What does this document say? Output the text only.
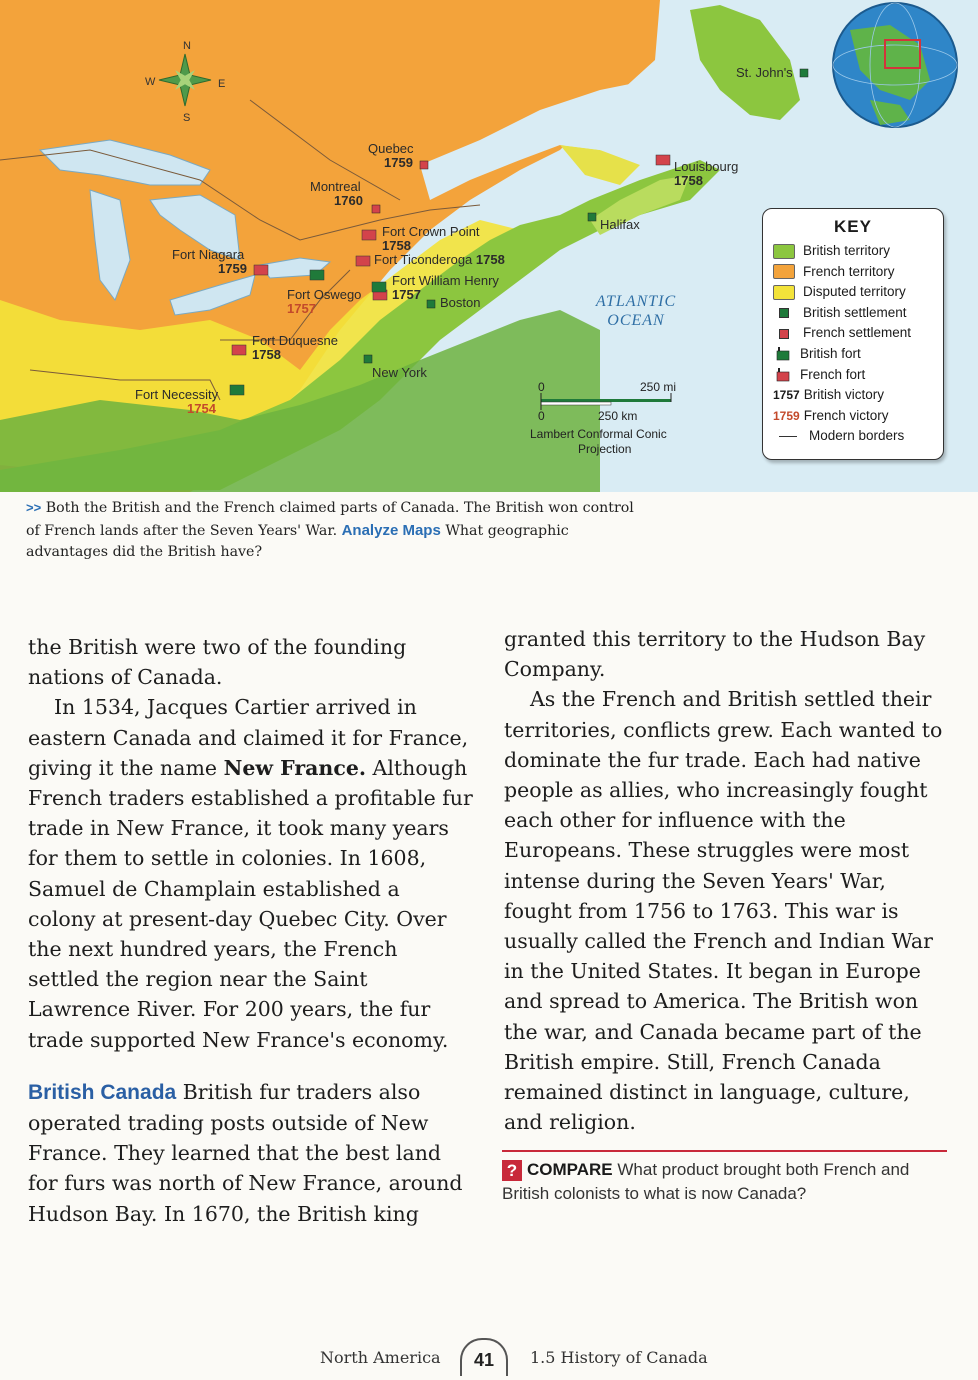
N
S
E
W
St. John's
Quebec
1759
Montreal
1760
Louisbourg
1758
Halifax
Fort Crown Point
1758
Fort Ticonderoga 1758
Fort William Henry
1757
Boston
Fort Niagara
1759
Fort Oswego
1757
Fort Duquesne
1758
New York
Fort Necessity
1754
ATLANTIC
OCEAN
0	250 mi
0	250 km
Lambert Conformal Conic
Projection
KEY
British territory
French territory
Disputed territory
British settlement
French settlement
British fort
French fort
1757 British victory
1759 French victory
Modern borders
>> Both the British and the French claimed parts of Canada. The British won control of French lands after the Seven Years' War. Analyze Maps What geographic advantages did the British have?

the British were two of the founding nations of Canada.

In 1534, Jacques Cartier arrived in eastern Canada and claimed it for France, giving it the name New France. Although French traders established a profitable fur trade in New France, it took many years for them to settle in colonies. In 1608, Samuel de Champlain established a colony at present-day Quebec City. Over the next hundred years, the French settled the region near the Saint Lawrence River. For 200 years, the fur trade supported New France's economy.

British Canada British fur traders also operated trading posts outside of New France. They learned that the best land for furs was north of New France, around Hudson Bay. In 1670, the British king

granted this territory to the Hudson Bay Company.

As the French and British settled their territories, conflicts grew. Each wanted to dominate the fur trade. Each had native people as allies, who increasingly fought each other for influence with the Europeans. These struggles were most intense during the Seven Years' War, fought from 1756 to 1763. This war is usually called the French and Indian War in the United States. It began in Europe and spread to America. The British won the war, and Canada became part of the British empire. Still, French Canada remained distinct in language, culture, and religion.

? COMPARE What product brought both French and British colonists to what is now Canada?
North America	41	1.5 History of Canada
